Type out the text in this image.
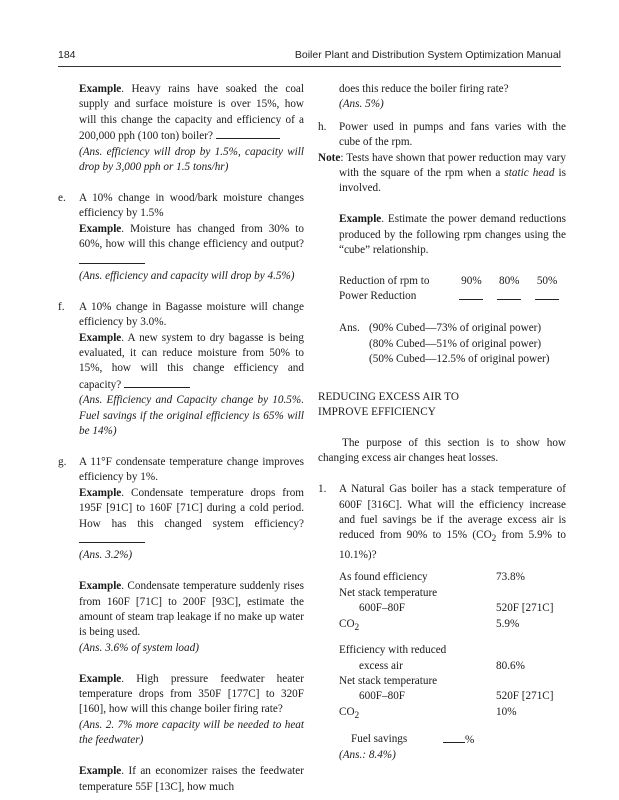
184	Boiler Plant and Distribution System Optimization Manual
Example. Heavy rains have soaked the coal supply and surface moisture is over 15%, how will this change the capacity and efficiency of a 200,000 pph (100 ton) boiler?
(Ans. efficiency will drop by 1.5%, capacity will drop by 3,000 pph or 1.5 tons/hr)
e.	A 10% change in wood/bark moisture changes efficiency by 1.5%
Example. Moisture has changed from 30% to 60%, how will this change efficiency and output?
(Ans. efficiency and capacity will drop by 4.5%)
f.	A 10% change in Bagasse moisture will change efficiency by 3.0%.
Example. A new system to dry bagasse is being evaluated, it can reduce moisture from 50% to 15%, how will this change efficiency and capacity?
(Ans. Efficiency and Capacity change by 10.5%. Fuel savings if the original efficiency is 65% will be 14%)
g.	A 11°F condensate temperature change improves efficiency by 1%.
Example. Condensate temperature drops from 195F [91C] to 160F [71C] during a cold period. How has this changed system efficiency?
(Ans. 3.2%)
Example. Condensate temperature suddenly rises from 160F [71C] to 200F [93C], estimate the amount of steam trap leakage if no make up water is being used.
(Ans. 3.6% of system load)
Example. High pressure feedwater heater temperature drops from 350F [177C] to 320F [160], how will this change boiler firing rate?
(Ans. 2. 7% more capacity will be needed to heat the feedwater)
Example. If an economizer raises the feedwater temperature 55F [13C], how much
does this reduce the boiler firing rate?
(Ans. 5%)
h.	Power used in pumps and fans varies with the cube of the rpm.
Note: Tests have shown that power reduction may vary with the square of the rpm when a static head is involved.
Example. Estimate the power demand reductions produced by the following rpm changes using the “cube” relationship.
Reduction of rpm to	90%	80%	50%
Power Reduction
Ans. (90% Cubed—73% of original power)
(80% Cubed—51% of original power)
(50% Cubed—12.5% of original power)
REDUCING EXCESS AIR TO
IMPROVE EFFICIENCY
The purpose of this section is to show how changing excess air changes heat losses.
1.	A Natural Gas boiler has a stack temperature of 600F [316C]. What will the efficiency increase and fuel savings be if the average excess air is reduced from 90% to 15% ($CO_2$ from 5.9% to 10.1%)?
As found efficiency	73.8%
Net stack temperature
600F–80F	520F [271C]
$CO_2$	5.9%
Efficiency with reduced
excess air	80.6%
Net stack temperature
600F–80F	520F [271C]
$CO_2$	10%
Fuel savings	%
(Ans.: 8.4%)
